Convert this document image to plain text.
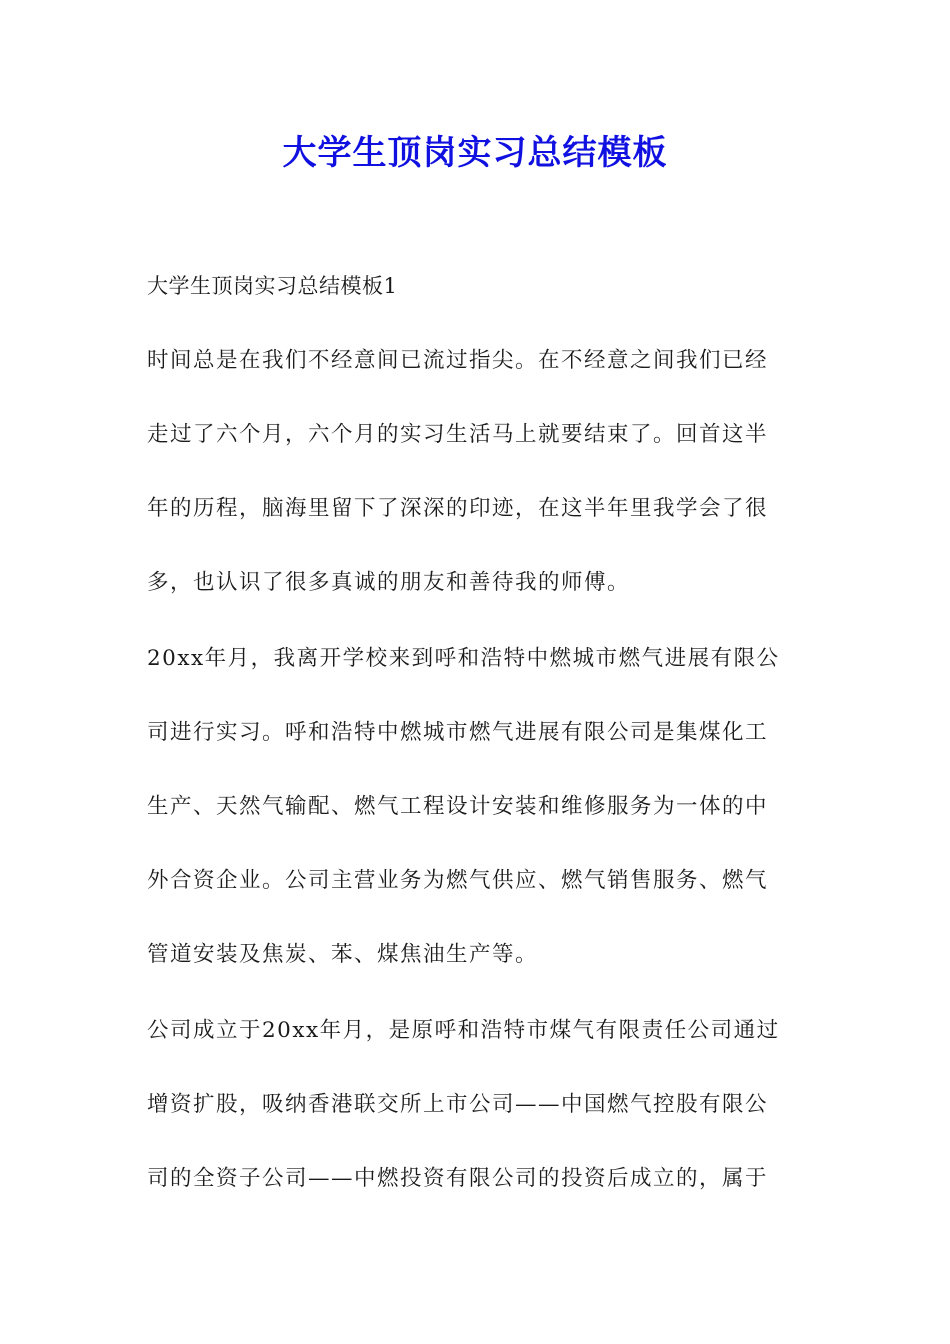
大学生顶岗实习总结模板
大学生顶岗实习总结模板1
时间总是在我们不经意间已流过指尖。在不经意之间我们已经
走过了六个月，六个月的实习生活马上就要结束了。回首这半
年的历程，脑海里留下了深深的印迹，在这半年里我学会了很
多，也认识了很多真诚的朋友和善待我的师傅。
20xx年月，我离开学校来到呼和浩特中燃城市燃气进展有限公
司进行实习。呼和浩特中燃城市燃气进展有限公司是集煤化工
生产、天然气输配、燃气工程设计安装和维修服务为一体的中
外合资企业。公司主营业务为燃气供应、燃气销售服务、燃气
管道安装及焦炭、苯、煤焦油生产等。
公司成立于20xx年月，是原呼和浩特市煤气有限责任公司通过
增资扩股，吸纳香港联交所上市公司——中国燃气控股有限公
司的全资子公司——中燃投资有限公司的投资后成立的，属于
